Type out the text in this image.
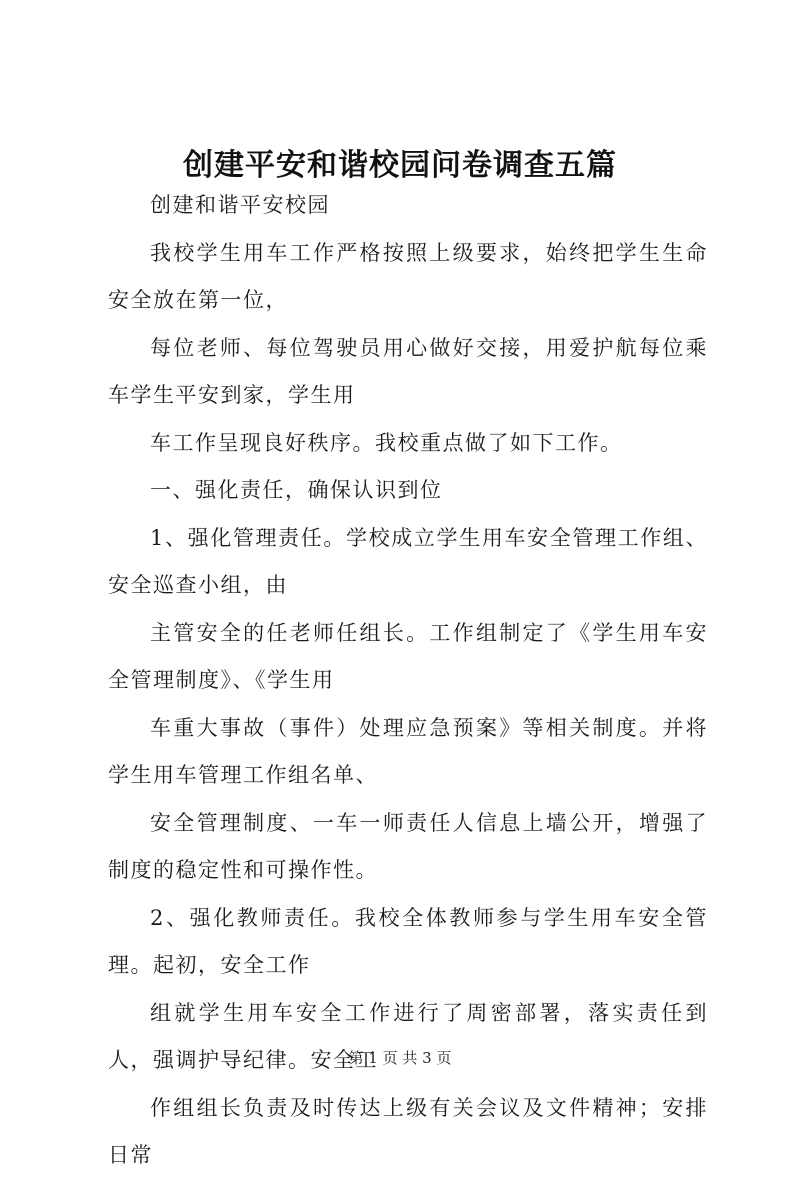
创建平安和谐校园问卷调查五篇

创建和谐平安校园

我校学生用车工作严格按照上级要求，始终把学生生命安全放在第一位，

每位老师、每位驾驶员用心做好交接，用爱护航每位乘车学生平安到家，学生用

车工作呈现良好秩序。我校重点做了如下工作。

一、强化责任，确保认识到位

1、强化管理责任。学校成立学生用车安全管理工作组、安全巡查小组，由

主管安全的任老师任组长。工作组制定了《学生用车安全管理制度》、《学生用

车重大事故（事件）处理应急预案》等相关制度。并将学生用车管理工作组名单、

安全管理制度、一车一师责任人信息上墙公开，增强了制度的稳定性和可操作性。

2、强化教师责任。我校全体教师参与学生用车安全管理。起初，安全工作

组就学生用车安全工作进行了周密部署，落实责任到人，强调护导纪律。安全工

作组组长负责及时传达上级有关会议及文件精神；安排日常

第 1 页 共 3 页
